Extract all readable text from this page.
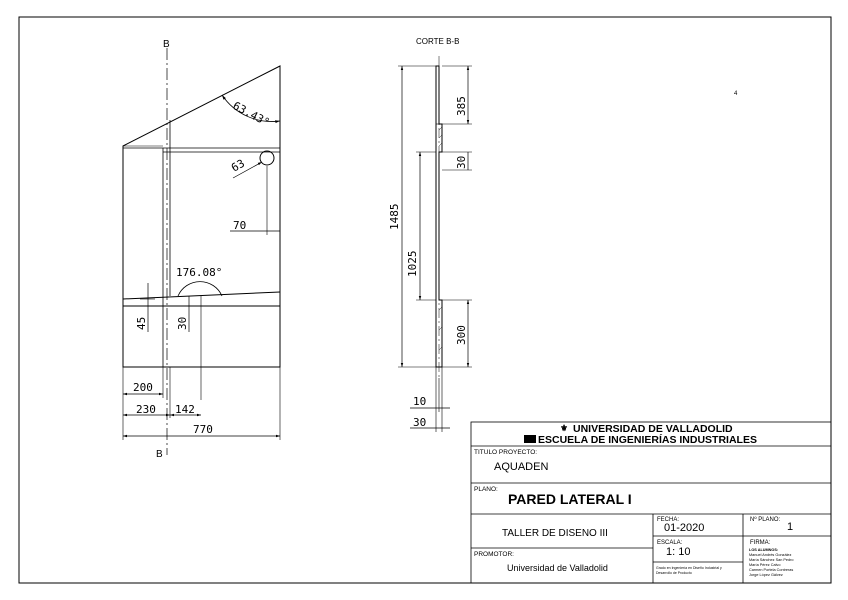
B
B
63.43°
63
70
176.08°
45	30
200
230 142
770
CORTE B-B
1485
1025
385
30
300
10
30
4
⚜ UNIVERSIDAD DE VALLADOLID
ESCUELA DE INGENIERÍAS INDUSTRIALES
TITULO PROYECTO:
AQUADEN
PLANO:
PARED LATERAL I
TALLER DE DISENO III
FECHA:
01-2020
ESCALA:
1: 10
Grado en Ingeniería en Diseño Industrial y
Desarrollo de Producto
Nº PLANO:
1
FIRMA:
LOS ALUMNOS:
Manuel Andrés González
María Sánchez San Pedro
María Pérez Calvo
Carmen Portela Contreras
Jorge López Gálvez
PROMOTOR:
Universidad de Valladolid
